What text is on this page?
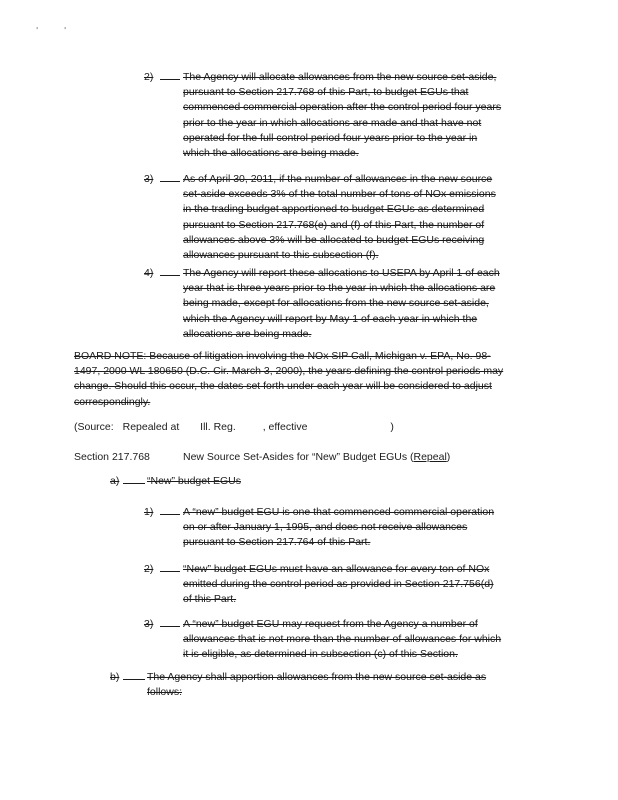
'	'
2)	The Agency will allocate allowances from the new source set-aside, pursuant to Section 217.768 of this Part, to budget EGUs that commenced commercial operation after the control period four years prior to the year in which allocations are made and that have not operated for the full control period four years prior to the year in which the allocations are being made.
3)	As of April 30, 2011, if the number of allowances in the new source set-aside exceeds 3% of the total number of tons of NOx emissions in the trading budget apportioned to budget EGUs as determined pursuant to Section 217.768(e) and (f) of this Part, the number of allowances above 3% will be allocated to budget EGUs receiving allowances pursuant to this subsection (f).
4)	The Agency will report these allocations to USEPA by April 1 of each year that is three years prior to the year in which the allocations are being made, except for allocations from the new source set-aside, which the Agency will report by May 1 of each year in which the allocations are being made.
BOARD NOTE: Because of litigation involving the NOx SIP Call, Michigan v. EPA, No. 98-1497, 2000 WL 180650 (D.C. Cir. March 3, 2000), the years defining the control periods may change. Should this occur, the dates set forth under each year will be considered to adjust correspondingly.
(Source: Repealed at Ill. Reg.	, effective	)
Section 217.768	New Source Set-Asides for “New” Budget EGUs (Repeal)
a)	“New” budget EGUs
1)	A “new” budget EGU is one that commenced commercial operation on or after January 1, 1995, and does not receive allowances pursuant to Section 217.764 of this Part.
2)	“New” budget EGUs must have an allowance for every ton of NOx emitted during the control period as provided in Section 217.756(d) of this Part.
3)	A “new” budget EGU may request from the Agency a number of allowances that is not more than the number of allowances for which it is eligible, as determined in subsection (c) of this Section.
b)	The Agency shall apportion allowances from the new source set-aside as follows:
